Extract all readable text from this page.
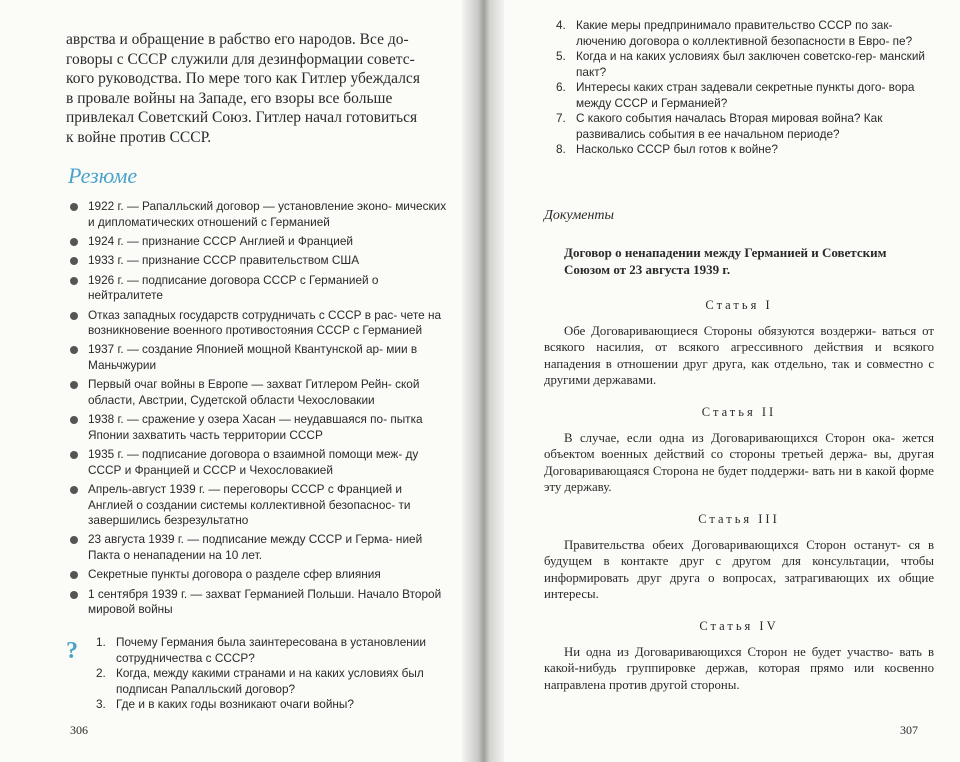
аврства и обращение в рабство его народов. Все до-
говоры с СССР служили для дезинформации советс-
кого руководства. По мере того как Гитлер убеждался
в провале войны на Западе, его взоры все больше
привлекал Советский Союз. Гитлер начал готовиться
к войне против СССР.
Резюме
1922 г. — Рапалльский договор — установление эконо- мических и дипломатических отношений с Германией
1924 г. — признание СССР Англией и Францией
1933 г. — признание СССР правительством США
1926 г. — подписание договора СССР с Германией о нейтралитете
Отказ западных государств сотрудничать с СССР в рас- чете на возникновение военного противостояния СССР с Германией
1937 г. — создание Японией мощной Квантунской ар- мии в Маньчжурии
Первый очаг войны в Европе — захват Гитлером Рейн- ской области, Австрии, Судетской области Чехословакии
1938 г. — сражение у озера Хасан — неудавшаяся по- пытка Японии захватить часть территории СССР
1935 г. — подписание договора о взаимной помощи меж- ду СССР и Францией и СССР и Чехословакией
Апрель-август 1939 г. — переговоры СССР с Францией и Англией о создании системы коллективной безопаснос- ти завершились безрезультатно
23 августа 1939 г. — подписание между СССР и Герма- нией Пакта о ненападении на 10 лет.
Секретные пункты договора о разделе сфер влияния
1 сентября 1939 г. — захват Германией Польши. Начало Второй мировой войны
? 1. Почему Германия была заинтересована в установлении сотрудничества с СССР?
2. Когда, между какими странами и на каких условиях был подписан Рапалльский договор?
3. Где и в каких годы возникают очаги войны?
306
4. Какие меры предпринимало правительство СССР по зак- лючению договора о коллективной безопасности в Евро- пе?
5. Когда и на каких условиях был заключен советско-гер- манский пакт?
6. Интересы каких стран задевали секретные пункты дого- вора между СССР и Германией?
7. С какого события началась Вторая мировая война? Как развивались события в ее начальном периоде?
8. Насколько СССР был готов к войне?
Документы
Договор о ненападении между Германией и Советским Союзом от 23 августа 1939 г.
Статья I

Обе Договаривающиеся Стороны обязуются воздержи- ваться от всякого насилия, от всякого агрессивного действия и всякого нападения в отношении друг друга, как отдельно, так и совместно с другими державами.

Статья II

В случае, если одна из Договаривающихся Сторон ока- жется объектом военных действий со стороны третьей держа- вы, другая Договаривающаяся Сторона не будет поддержи- вать ни в какой форме эту державу.

Статья III

Правительства обеих Договаривающихся Сторон останут- ся в будущем в контакте друг с другом для консультации, чтобы информировать друг друга о вопросах, затрагивающих их общие интересы.

Статья IV

Ни одна из Договаривающихся Сторон не будет участво- вать в какой-нибудь группировке держав, которая прямо или косвенно направлена против другой стороны.

307
